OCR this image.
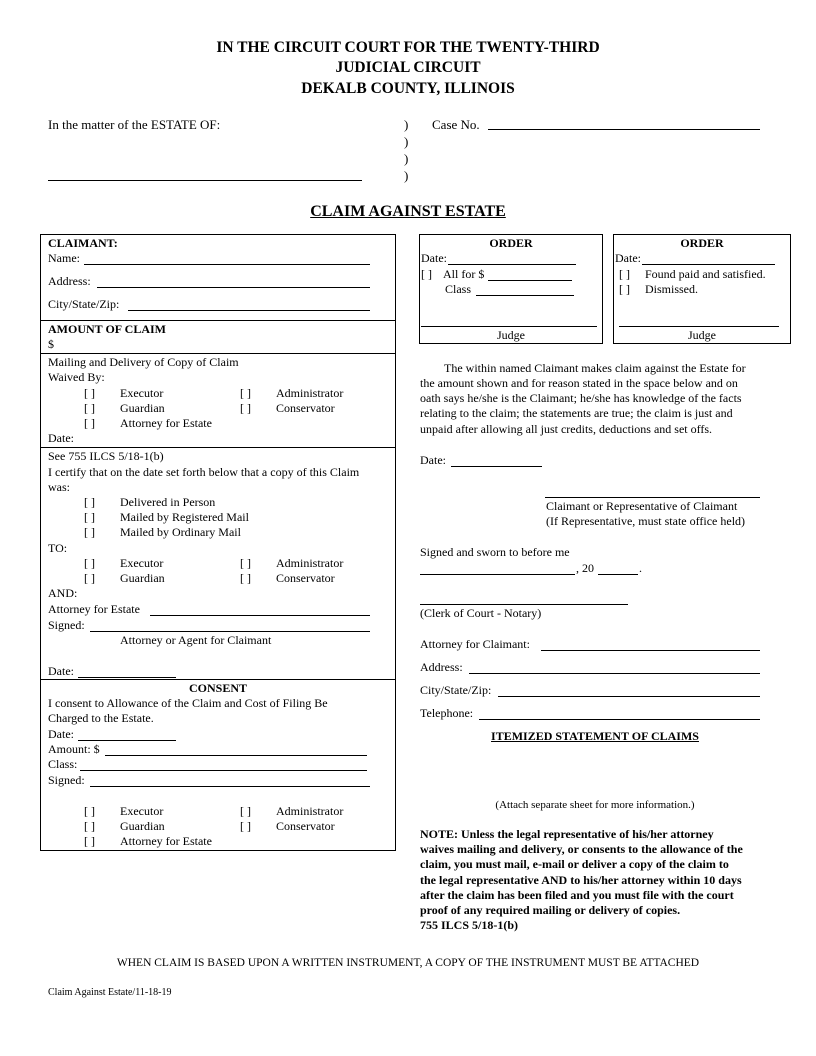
IN THE CIRCUIT COURT FOR THE TWENTY-THIRD
JUDICIAL CIRCUIT
DEKALB COUNTY, ILLINOIS
In the matter of the ESTATE OF:	)
)
)
)
Case No.
CLAIM AGAINST ESTATE
CLAIMANT:
Name:
Address:
City/State/Zip:
AMOUNT OF CLAIM
$
Mailing and Delivery of Copy of Claim
Waived By:
[ ] Executor	[ ] Administrator
[ ] Guardian	[ ] Conservator
[ ] Attorney for Estate
Date:
See 755 ILCS 5/18-1(b)
I certify that on the date set forth below that a copy of this Claim
was:
[ ] Delivered in Person
[ ] Mailed by Registered Mail
[ ] Mailed by Ordinary Mail
TO:
[ ] Executor	[ ] Administrator
[ ] Guardian	[ ] Conservator
AND:
Attorney for Estate
Signed:
Attorney or Agent for Claimant
Date:
CONSENT
I consent to Allowance of the Claim and Cost of Filing Be
Charged to the Estate.
Date:
Amount: $
Class:
Signed:
[ ] Executor	[ ] Administrator
[ ] Guardian	[ ] Conservator
[ ] Attorney for Estate
ORDER
Date:
[ ] All for $
Class
Judge
ORDER
Date:
[ ] Found paid and satisfied.
[ ] Dismissed.
Judge
The within named Claimant makes claim against the Estate for
the amount shown and for reason stated in the space below and on
oath says he/she is the Claimant; he/she has knowledge of the facts
relating to the claim; the statements are true; the claim is just and
unpaid after allowing all just credits, deductions and set offs.
Date:
Claimant or Representative of Claimant
(If Representative, must state office held)
Signed and sworn to before me
, 20	.
(Clerk of Court - Notary)
Attorney for Claimant:
Address:
City/State/Zip:
Telephone:
ITEMIZED STATEMENT OF CLAIMS
(Attach separate sheet for more information.)
NOTE: Unless the legal representative of his/her attorney
waives mailing and delivery, or consents to the allowance of the
claim, you must mail, e-mail or deliver a copy of the claim to
the legal representative AND to his/her attorney within 10 days
after the claim has been filed and you must file with the court
proof of any required mailing or delivery of copies.
755 ILCS 5/18-1(b)
WHEN CLAIM IS BASED UPON A WRITTEN INSTRUMENT, A COPY OF THE INSTRUMENT MUST BE ATTACHED
Claim Against Estate/11-18-19
